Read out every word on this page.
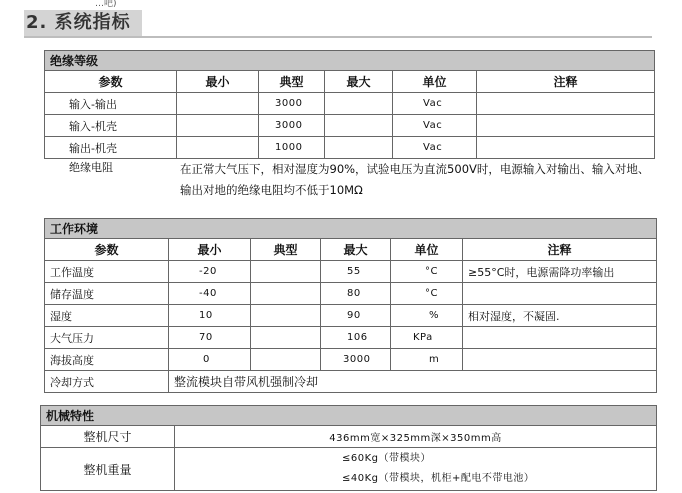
…吧)
2. 系统指标
绝缘等级					
参数	最小	典型	最大	单位	注释
输入-输出		3000		Vac	
输入-机壳		3000		Vac	
输出-机壳		1000		Vac	
绝缘电阻	在正常大气压下，相对湿度为90%，试验电压为直流500V时，电源输入对输出、输入对地、输出对地的绝缘电阻均不低于10MΩ				
工作环境					
参数	最小	典型	最大	单位	注释
工作温度	-20		55	°C	≥55°C时，电源需降功率输出
储存温度	-40		80	°C	
湿度	10		90	%	相对湿度，不凝固.
大气压力	70		106	KPa	
海拔高度	0		3000	m	
冷却方式	整流模块自带风机强制冷却				
机械特性	
整机尺寸	436mm宽×325mm深×350mm高
整机重量	≤60Kg（带模块）
≤40Kg（带模块，机柜+配电不带电池）
